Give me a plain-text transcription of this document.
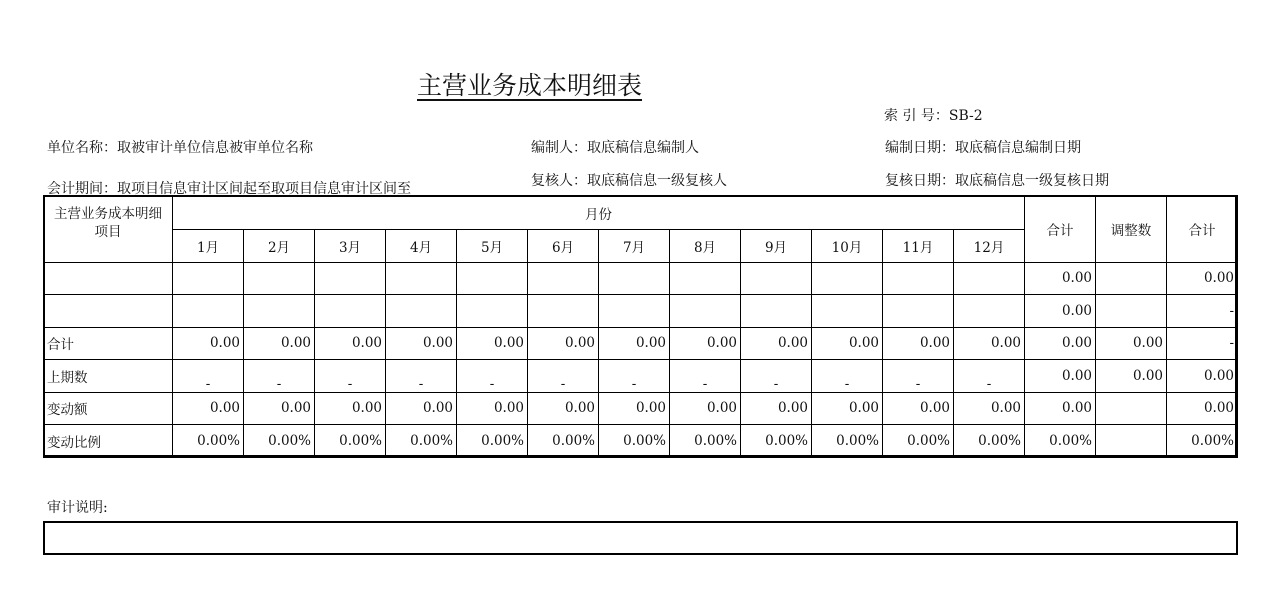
主营业务成本明细表
索 引 号：SB-2
单位名称：取被审计单位信息被审单位名称	编制人：取底稿信息编制人	编制日期：取底稿信息编制日期
会计期间：取项目信息审计区间起至取项目信息审计区间至	复核人：取底稿信息一级复核人	复核日期：取底稿信息一级复核日期
主营业务成本明细项目	月份												合计	调整数	合计
	1月	2月	3月	4月	5月	6月	7月	8月	9月	10月	11月	12月			
													0.00		0.00
													0.00		-
合计	0.00	0.00	0.00	0.00	0.00	0.00	0.00	0.00	0.00	0.00	0.00	0.00	0.00	0.00	-
上期数	-	-	-	-	-	-	-	-	-	-	-	-	0.00	0.00	0.00
变动额	0.00	0.00	0.00	0.00	0.00	0.00	0.00	0.00	0.00	0.00	0.00	0.00	0.00		0.00
变动比例	0.00%	0.00%	0.00%	0.00%	0.00%	0.00%	0.00%	0.00%	0.00%	0.00%	0.00%	0.00%	0.00%		0.00%
审计说明:
